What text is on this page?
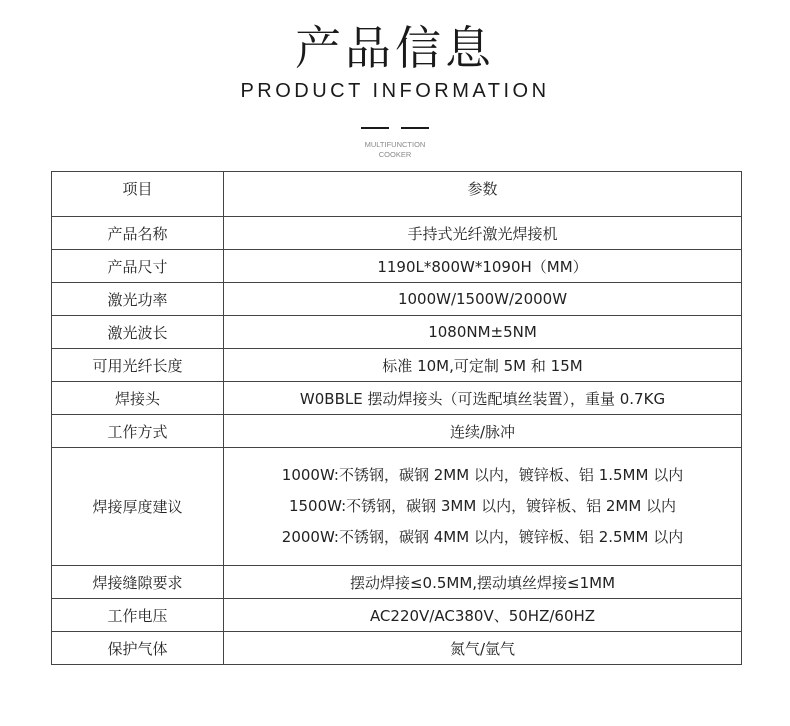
产品信息
PRODUCT INFORMATION
MULTIFUNCTION
COOKER
项目	参数
产品名称	手持式光纤激光焊接机
产品尺寸	1190L*800W*1090H（MM）
激光功率	1000W/1500W/2000W
激光波长	1080NM±5NM
可用光纤长度	标准 10M,可定制 5M 和 15M
焊接头	W0BBLE 摆动焊接头（可选配填丝装置），重量 0.7KG
工作方式	连续/脉冲
焊接厚度建议	1000W:不锈钢，碳钢 2MM 以内，镀锌板、铝 1.5MM 以内
1500W:不锈钢，碳钢 3MM 以内，镀锌板、铝 2MM 以内
2000W:不锈钢，碳钢 4MM 以内，镀锌板、铝 2.5MM 以内

焊接缝隙要求	摆动焊接≤0.5MM,摆动填丝焊接≤1MM
工作电压	AC220V/AC380V、50HZ/60HZ
保护气体	氮气/氩气
